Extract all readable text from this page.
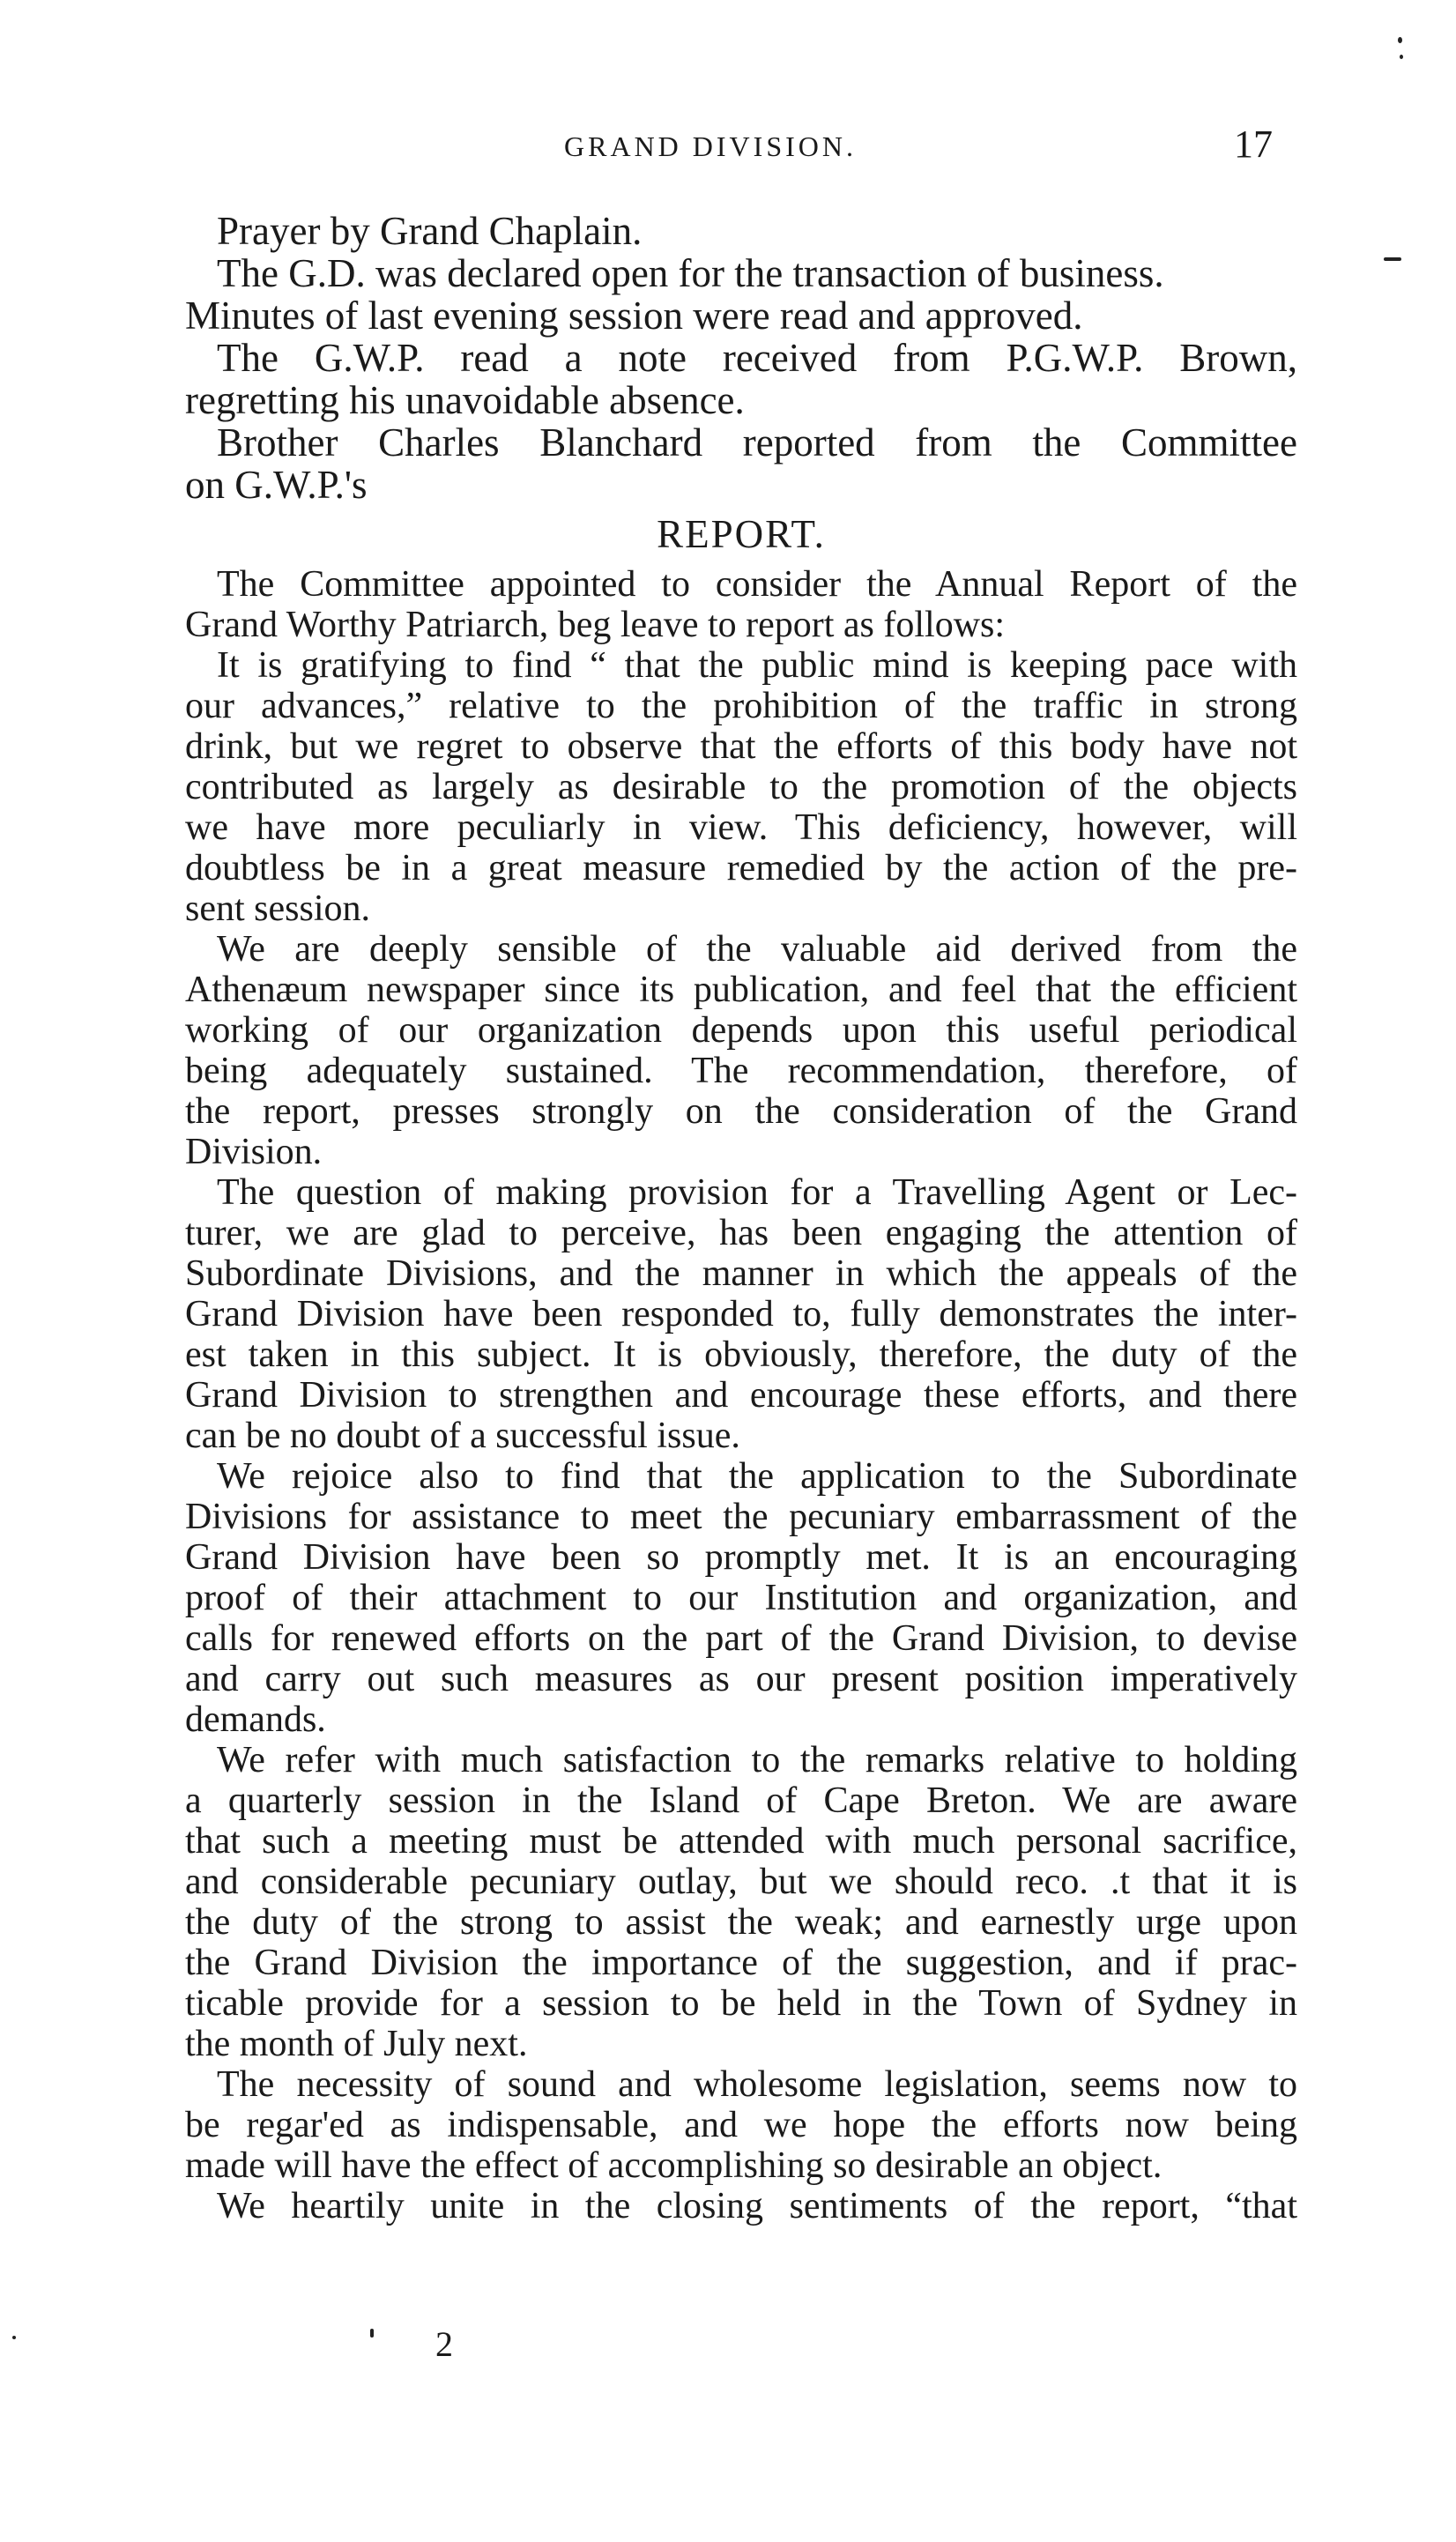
GRAND DIVISION.	17
Prayer by Grand Chaplain.
The G.D. was declared open for the transaction of business.
Minutes of last evening session were read and approved.
The G.W.P. read a note received from P.G.W.P. Brown,
regretting his unavoidable absence.
Brother Charles Blanchard reported from the Committee
on G.W.P.'s
REPORT.
The Committee appointed to consider the Annual Report of the
Grand Worthy Patriarch, beg leave to report as follows:
It is gratifying to find “ that the public mind is keeping pace with
our advances,” relative to the prohibition of the traffic in strong
drink, but we regret to observe that the efforts of this body have not
contributed as largely as desirable to the promotion of the objects
we have more peculiarly in view. This deficiency, however, will
doubtless be in a great measure remedied by the action of the pre-
sent session.
We are deeply sensible of the valuable aid derived from the
Athenæum newspaper since its publication, and feel that the efficient
working of our organization depends upon this useful periodical
being adequately sustained. The recommendation, therefore, of
the report, presses strongly on the consideration of the Grand
Division.
The question of making provision for a Travelling Agent or Lec-
turer, we are glad to perceive, has been engaging the attention of
Subordinate Divisions, and the manner in which the appeals of the
Grand Division have been responded to, fully demonstrates the inter-
est taken in this subject. It is obviously, therefore, the duty of the
Grand Division to strengthen and encourage these efforts, and there
can be no doubt of a successful issue.
We rejoice also to find that the application to the Subordinate
Divisions for assistance to meet the pecuniary embarrassment of the
Grand Division have been so promptly met. It is an encouraging
proof of their attachment to our Institution and organization, and
calls for renewed efforts on the part of the Grand Division, to devise
and carry out such measures as our present position imperatively
demands.
We refer with much satisfaction to the remarks relative to holding
a quarterly session in the Island of Cape Breton. We are aware
that such a meeting must be attended with much personal sacrifice,
and considerable pecuniary outlay, but we should reco. .t that it is
the duty of the strong to assist the weak; and earnestly urge upon
the Grand Division the importance of the suggestion, and if prac-
ticable provide for a session to be held in the Town of Sydney in
the month of July next.
The necessity of sound and wholesome legislation, seems now to
be regar'ed as indispensable, and we hope the efforts now being
made will have the effect of accomplishing so desirable an object.
We heartily unite in the closing sentiments of the report, “that
2
